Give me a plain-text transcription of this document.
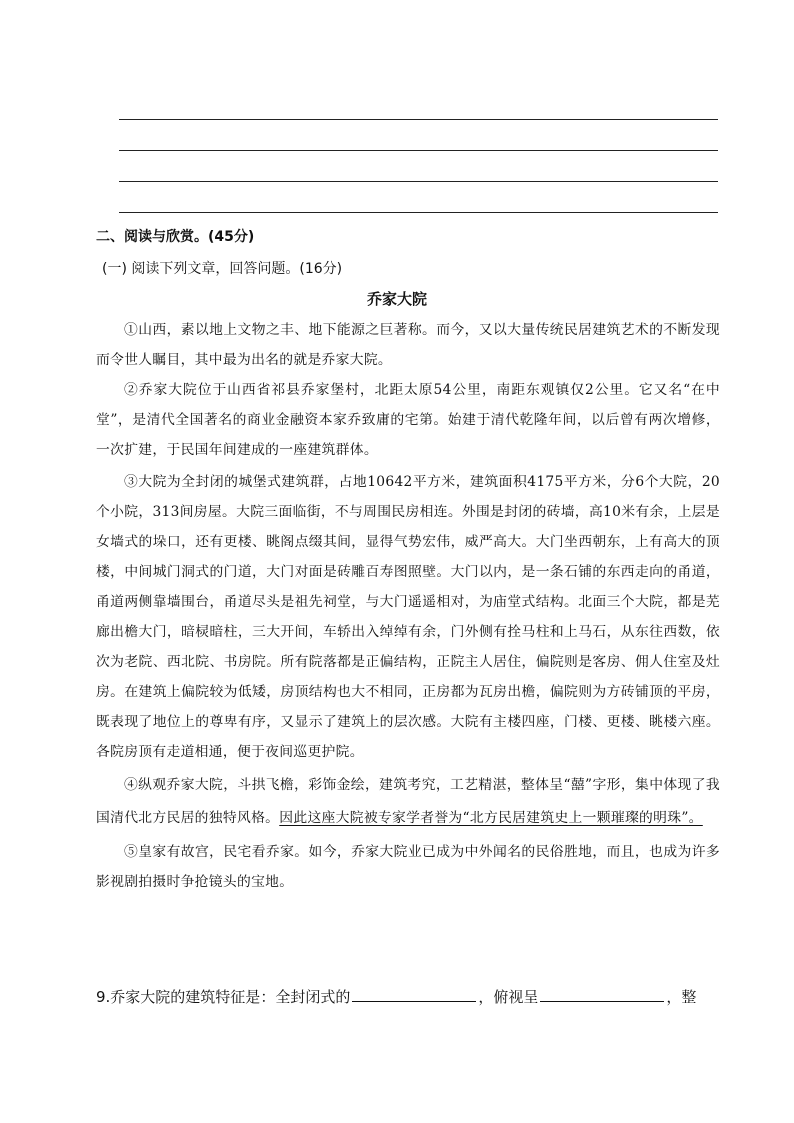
二、阅读与欣赏。(45分)
(一) 阅读下列文章，回答问题。(16分)
乔家大院

①山西，素以地上文物之丰、地下能源之巨著称。而今，又以大量传统民居建筑艺术的不断发现而令世人瞩目，其中最为出名的就是乔家大院。

②乔家大院位于山西省祁县乔家堡村，北距太原54公里，南距东观镇仅2公里。它又名“在中堂”，是清代全国著名的商业金融资本家乔致庸的宅第。始建于清代乾隆年间，以后曾有两次增修，一次扩建，于民国年间建成的一座建筑群体。

③大院为全封闭的城堡式建筑群，占地10642平方米，建筑面积4175平方米，分6个大院，20个小院，313间房屋。大院三面临街，不与周围民房相连。外围是封闭的砖墙，高10米有余，上层是女墙式的垛口，还有更楼、眺阁点缀其间，显得气势宏伟，威严高大。大门坐西朝东，上有高大的顶楼，中间城门洞式的门道，大门对面是砖雕百寿图照壁。大门以内，是一条石铺的东西走向的甬道，甬道两侧靠墙围台，甬道尽头是祖先祠堂，与大门遥遥相对，为庙堂式结构。北面三个大院，都是芜廊出檐大门，暗棂暗柱，三大开间，车轿出入绰绰有余，门外侧有拴马柱和上马石，从东往西数，依次为老院、西北院、书房院。所有院落都是正偏结构，正院主人居住，偏院则是客房、佣人住室及灶房。在建筑上偏院较为低矮，房顶结构也大不相同，正房都为瓦房出檐，偏院则为方砖铺顶的平房，既表现了地位上的尊卑有序，又显示了建筑上的层次感。大院有主楼四座，门楼、更楼、眺楼六座。各院房顶有走道相通，便于夜间巡更护院。

④纵观乔家大院，斗拱飞檐，彩饰金绘，建筑考究，工艺精湛，整体呈“囍”字形，集中体现了我国清代北方民居的独特风格。因此这座大院被专家学者誉为“北方民居建筑史上一颗璀璨的明珠”。

⑤皇家有故宫，民宅看乔家。如今，乔家大院业已成为中外闻名的民俗胜地，而且，也成为许多影视剧拍摄时争抢镜头的宝地。

9.乔家大院的建筑特征是：全封闭式的	，俯视呈	，整
